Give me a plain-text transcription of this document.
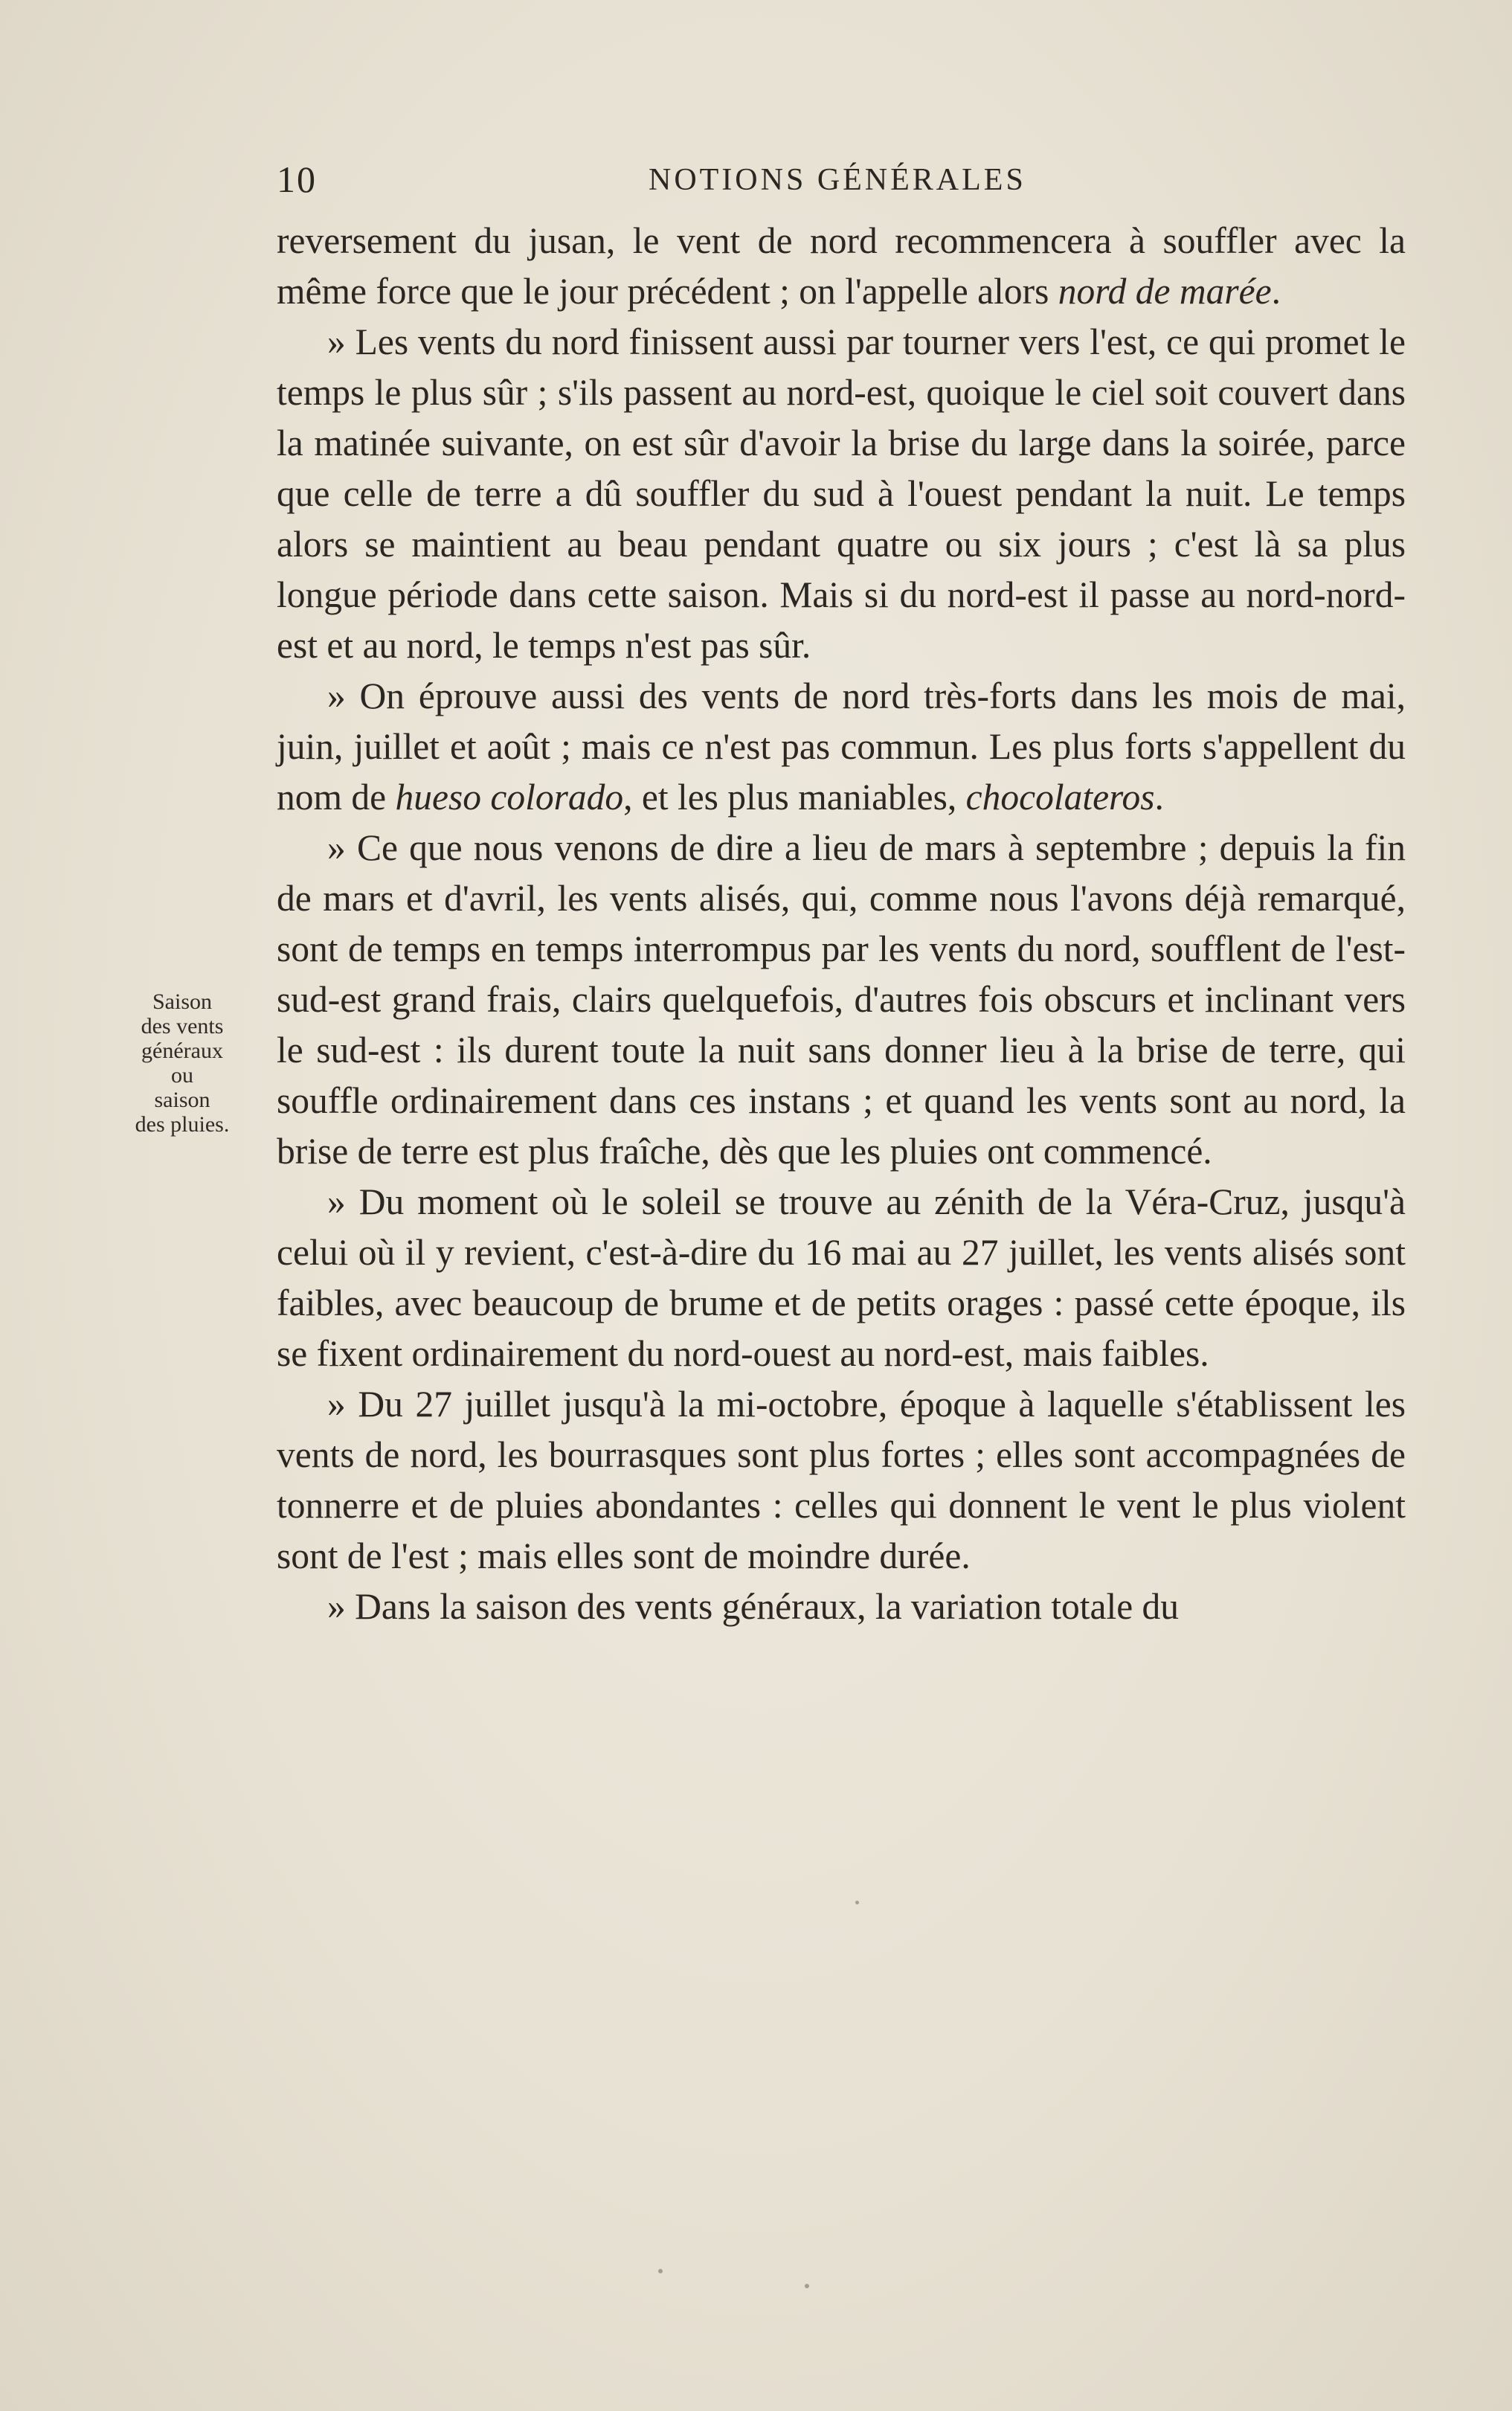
10	NOTIONS GÉNÉRALES
Saison
des vents
généraux
ou
saison
des pluies.

reversement du jusan, le vent de nord recommencera à souffler avec la même force que le jour précédent ; on l'appelle alors nord de marée.

» Les vents du nord finissent aussi par tourner vers l'est, ce qui promet le temps le plus sûr ; s'ils passent au nord-est, quoique le ciel soit couvert dans la matinée suivante, on est sûr d'avoir la brise du large dans la soirée, parce que celle de terre a dû souffler du sud à l'ouest pendant la nuit. Le temps alors se maintient au beau pendant quatre ou six jours ; c'est là sa plus longue période dans cette saison. Mais si du nord-est il passe au nord-nord-est et au nord, le temps n'est pas sûr.

» On éprouve aussi des vents de nord très-forts dans les mois de mai, juin, juillet et août ; mais ce n'est pas commun. Les plus forts s'appellent du nom de hueso colorado, et les plus maniables, chocolateros.

» Ce que nous venons de dire a lieu de mars à septembre ; depuis la fin de mars et d'avril, les vents alisés, qui, comme nous l'avons déjà remarqué, sont de temps en temps interrompus par les vents du nord, soufflent de l'est-sud-est grand frais, clairs quelquefois, d'autres fois obscurs et inclinant vers le sud-est : ils durent toute la nuit sans donner lieu à la brise de terre, qui souffle ordinairement dans ces instans ; et quand les vents sont au nord, la brise de terre est plus fraîche, dès que les pluies ont commencé.

» Du moment où le soleil se trouve au zénith de la Véra-Cruz, jusqu'à celui où il y revient, c'est-à-dire du 16 mai au 27 juillet, les vents alisés sont faibles, avec beaucoup de brume et de petits orages : passé cette époque, ils se fixent ordinairement du nord-ouest au nord-est, mais faibles.

» Du 27 juillet jusqu'à la mi-octobre, époque à laquelle s'établissent les vents de nord, les bourrasques sont plus fortes ; elles sont accompagnées de tonnerre et de pluies abondantes : celles qui donnent le vent le plus violent sont de l'est ; mais elles sont de moindre durée.

» Dans la saison des vents généraux, la variation totale du
